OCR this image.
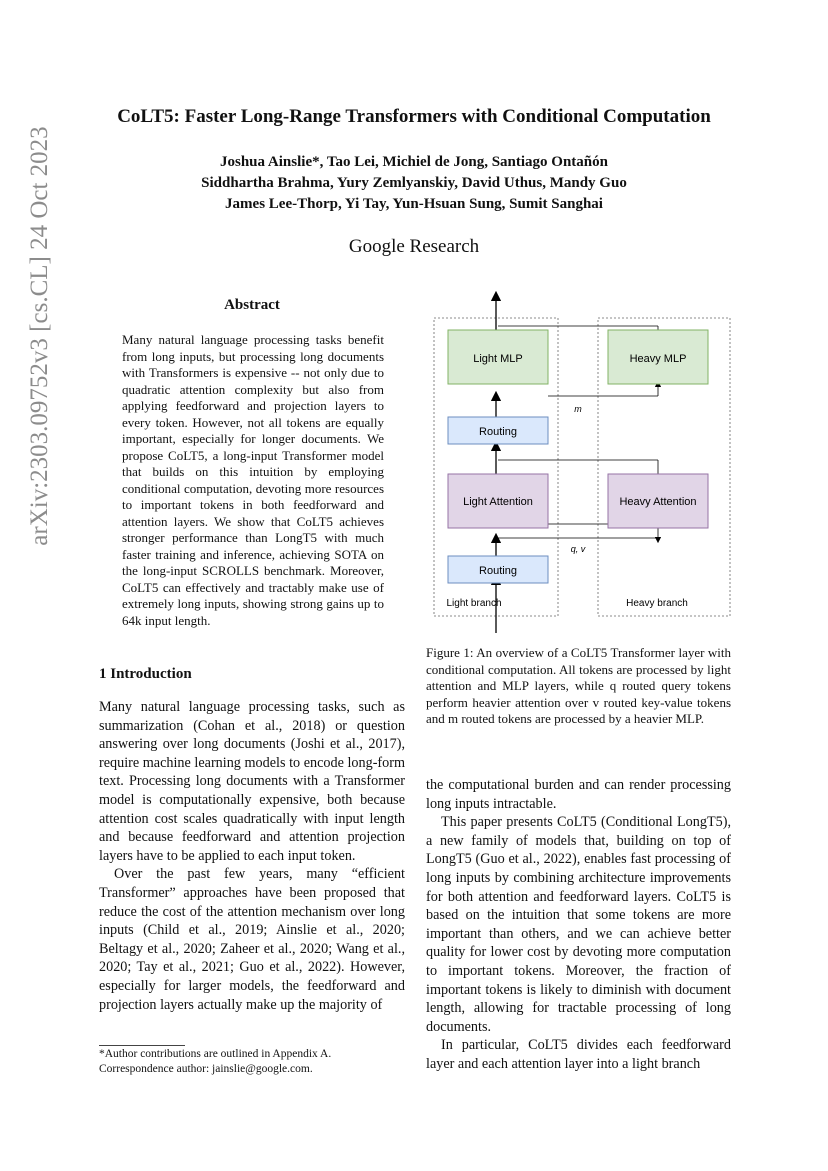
CoLT5: Faster Long-Range Transformers with Conditional Computation
Joshua Ainslie*, Tao Lei, Michiel de Jong, Santiago Ontañón
Siddhartha Brahma, Yury Zemlyanskiy, David Uthus, Mandy Guo
James Lee-Thorp, Yi Tay, Yun-Hsuan Sung, Sumit Sanghai
Google Research
arXiv:2303.09752v3 [cs.CL] 24 Oct 2023	Abstract
Many natural language processing tasks benefit from long inputs, but processing long documents with Transformers is expensive -- not only due to quadratic attention complexity but also from applying feedforward and projection layers to every token. However, not all tokens are equally important, especially for longer documents. We propose CoLT5, a long-input Transformer model that builds on this intuition by employing conditional computation, devoting more resources to important tokens in both feedforward and attention layers. We show that CoLT5 achieves stronger performance than LongT5 with much faster training and inference, achieving SOTA on the long-input SCROLLS benchmark. Moreover, CoLT5 can effectively and tractably make use of extremely long inputs, showing strong gains up to 64k input length.
1 Introduction

Many natural language processing tasks, such as summarization (Cohan et al., 2018) or question answering over long documents (Joshi et al., 2017), require machine learning models to encode long-form text. Processing long documents with a Transformer model is computationally expensive, both because attention cost scales quadratically with input length and because feedforward and attention projection layers have to be applied to each input token.

Over the past few years, many “efficient Transformer” approaches have been proposed that reduce the cost of the attention mechanism over long inputs (Child et al., 2019; Ainslie et al., 2020; Beltagy et al., 2020; Zaheer et al., 2020; Wang et al., 2020; Tay et al., 2021; Guo et al., 2022). However, especially for larger models, the feedforward and projection layers actually make up the majority of

*Author contributions are outlined in Appendix A. Correspondence author: jainslie@google.com.
Light MLP	Heavy MLP
Routing
Light Attention	Heavy Attention
Routing
m
q, v
Light branch	Heavy branch
Figure 1: An overview of a CoLT5 Transformer layer with conditional computation. All tokens are processed by light attention and MLP layers, while q routed query tokens perform heavier attention over v routed key-value tokens and m routed tokens are processed by a heavier MLP.

the computational burden and can render processing long inputs intractable.

This paper presents CoLT5 (Conditional LongT5), a new family of models that, building on top of LongT5 (Guo et al., 2022), enables fast processing of long inputs by combining architecture improvements for both attention and feedforward layers. CoLT5 is based on the intuition that some tokens are more important than others, and we can achieve better quality for lower cost by devoting more computation to important tokens. Moreover, the fraction of important tokens is likely to diminish with document length, allowing for tractable processing of long documents.

In particular, CoLT5 divides each feedforward layer and each attention layer into a light branch
